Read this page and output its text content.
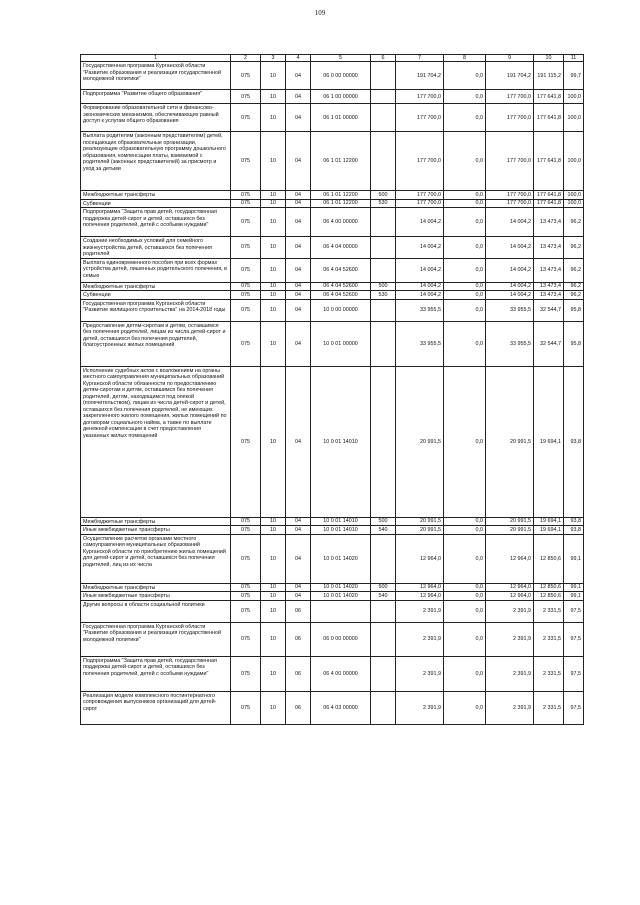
109
1	2	3	4	5	6	7	8	9	10	11
Государственная программа Курганской области "Развитие образования и реализация государственной молодежной политики"	075	10	04	06 0 00 00000		191 704,2	0,0	191 704,2	191 115,2	99,7
Подпрограмма "Развитие общего образования"	075	10	04	06 1 00 00000		177 700,0	0,0	177 700,0	177 641,8	100,0
Формирование образовательной сети и финансово-экономических механизмов, обеспечивающих равный доступ к услугам общего образования	075	10	04	06 1 01 00000		177 700,0	0,0	177 700,0	177 641,8	100,0
Выплата родителям (законным представителям) детей, посещающих образовательные организации, реализующие образовательную программу дошкольного образования, компенсации платы, взимаемой с родителей (законных представителей) за присмотр и уход за детьми	075	10	04	06 1 01 12200		177 700,0	0,0	177 700,0	177 641,8	100,0
Межбюджетные трансферты	075	10	04	06 1 01 12200	500	177 700,0	0,0	177 700,0	177 641,8	100,0
Субвенции	075	10	04	06 1 01 12200	530	177 700,0	0,0	177 700,0	177 641,8	100,0
Подпрограмма "Защита прав детей, государственная поддержка детей-сирот и детей, оставшихся без попечения родителей, детей с особыми нуждами"	075	10	04	06 4 00 00000		14 004,2	0,0	14 004,2	13 473,4	96,2
Создание необходимых условий для семейного жизнеустройства детей, оставшихся без попечения родителей	075	10	04	06 4 04 00000		14 004,2	0,0	14 004,2	13 473,4	96,2
Выплата единовременного пособия при всех формах устройства детей, лишенных родительского попечения, в семью	075	10	04	06 4 04 52600		14 004,2	0,0	14 004,2	13 473,4	96,2
Межбюджетные трансферты	075	10	04	06 4 04 52600	500	14 004,2	0,0	14 004,2	13 473,4	96,2
Субвенции	075	10	04	06 4 04 52600	530	14 004,2	0,0	14 004,2	13 473,4	96,2
Государственная программа Курганской области "Развитие жилищного строительства" на 2014-2018 годы	075	10	04	10 0 00 00000		33 955,5	0,0	33 955,5	32 544,7	95,8
Предоставление детям-сиротам и детям, оставшимся без попечения родителей, лицам из числа детей-сирот и детей, оставшихся без попечения родителей, благоустроенных жилых помещений	075	10	04	10 0 01 00000		33 955,5	0,0	33 955,5	32 544,7	95,8
Исполнение судебных актов с возложением на органы местного самоуправления муниципальных образований Курганской области обязанности по предоставлению детям-сиротам и детям, оставшимся без попечения родителей, детям, находящимся под опекой (попечительством), лицам из числа детей-сирот и детей, оставшихся без попечения родителей, не имеющих закрепленного жилого помещения, жилых помещений по договорам социального найма, а также по выплате денежной компенсации в счет предоставления указанных жилых помещений	075	10	04	10 0 01 14010		20 991,5	0,0	20 991,5	19 694,1	93,8
Межбюджетные трансферты	075	10	04	10 0 01 14010	500	20 991,5	0,0	20 991,5	19 694,1	93,8
Иные межбюджетные трансферты	075	10	04	10 0 01 14010	540	20 991,5	0,0	20 991,5	19 694,1	93,8
Осуществление расчетов органами местного самоуправления муниципальных образований Курганской области по приобретению жилых помещений для детей-сирот и детей, оставшихся без попечения родителей, лиц из их числа	075	10	04	10 0 01 14020		12 964,0	0,0	12 964,0	12 850,6	99,1
Межбюджетные трансферты	075	10	04	10 0 01 14020	500	12 964,0	0,0	12 964,0	12 850,6	99,1
Иные межбюджетные трансферты	075	10	04	10 0 01 14020	540	12 964,0	0,0	12 964,0	12 850,6	99,1
Другие вопросы в области социальной политики	075	10	06			2 391,9	0,0	2 391,9	2 331,5	97,5
Государственная программа Курганской области "Развитие образования и реализация государственной молодежной политики"	075	10	06	06 0 00 00000		2 391,9	0,0	2 391,9	2 331,5	97,5
Подпрограмма "Защита прав детей, государственная поддержка детей-сирот и детей, оставшихся без попечения родителей, детей с особыми нуждами"	075	10	06	06 4 00 00000		2 391,9	0,0	2 391,9	2 331,5	97,5
Реализация модели комплексного постинтернатного сопровождения выпускников организаций для детей-сирот	075	10	06	06 4 03 00000		2 391,9	0,0	2 391,9	2 331,5	97,5
